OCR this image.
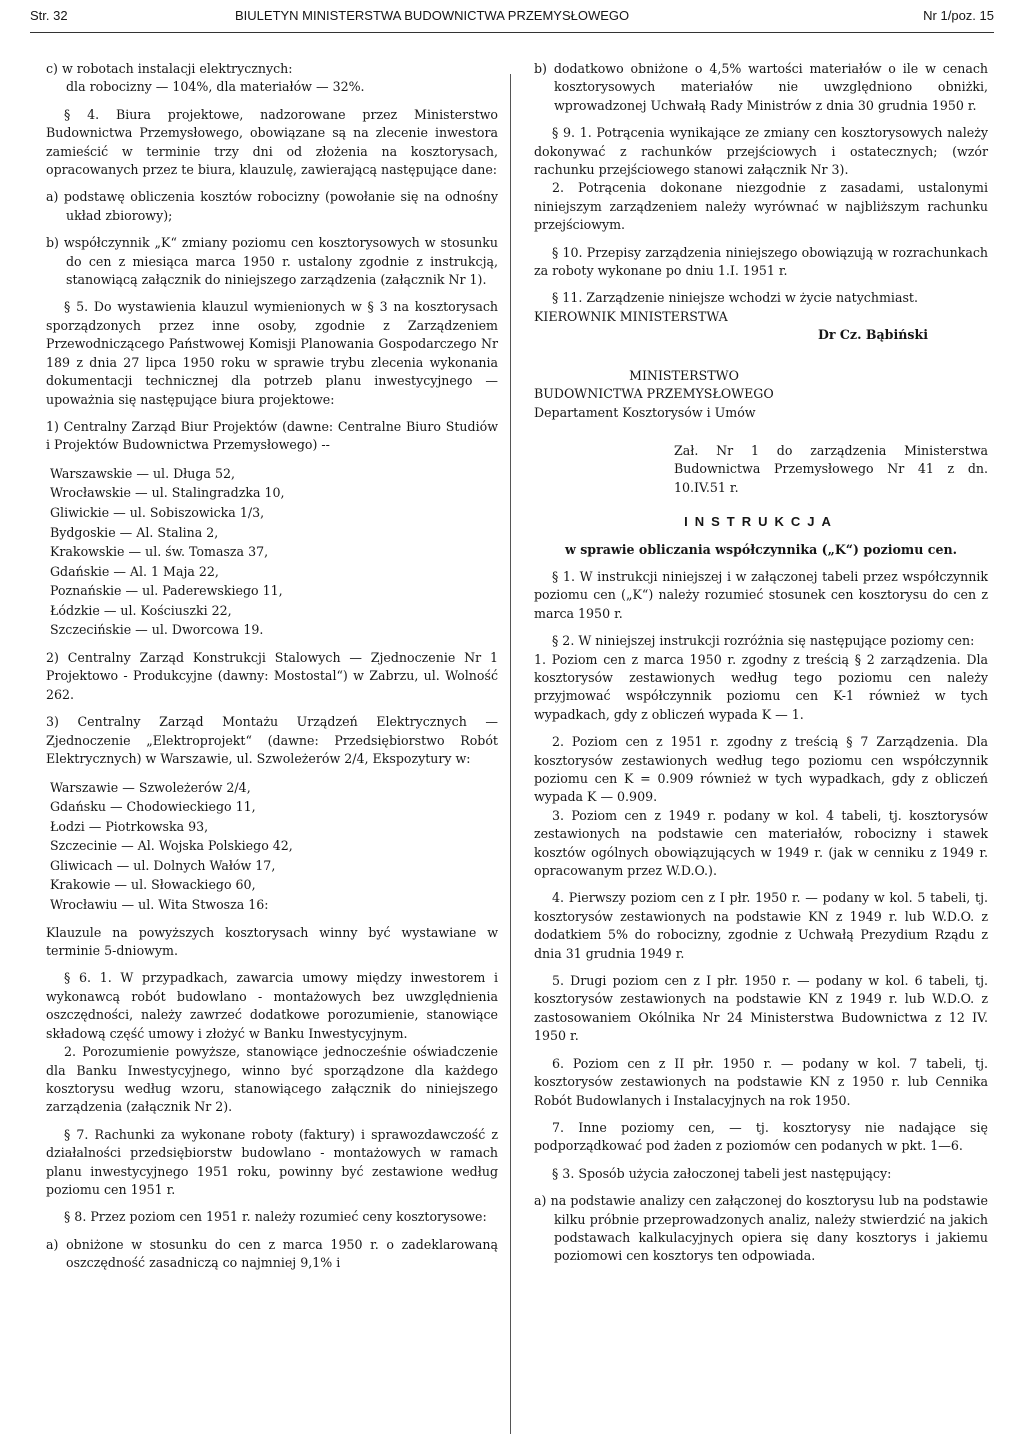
Str. 32	BIULETYN MINISTERSTWA BUDOWNICTWA PRZEMYSŁOWEGO	Nr 1/poz. 15

c) w robotach instalacji elektrycznych:

dla robocizny — 104%, dla materiałów — 32%.

§ 4. Biura projektowe, nadzorowane przez Ministerstwo Budownictwa Przemysłowego, obowiązane są na zlecenie inwestora zamieścić w terminie trzy dni od złożenia na kosztorysach, opracowanych przez te biura, klauzulę, zawierającą następujące dane:

a) podstawę obliczenia kosztów robocizny (powołanie się na odnośny układ zbiorowy);

b) współczynnik „K“ zmiany poziomu cen kosztorysowych w stosunku do cen z miesiąca marca 1950 r. ustalony zgodnie z instrukcją, stanowiącą załącznik do niniejszego zarządzenia (załącznik Nr 1).

§ 5. Do wystawienia klauzul wymienionych w § 3 na kosztorysach sporządzonych przez inne osoby, zgodnie z Zarządzeniem Przewodniczącego Państwowej Komisji Planowania Gospodarczego Nr 189 z dnia 27 lipca 1950 roku w sprawie trybu zlecenia wykonania dokumentacji technicznej dla potrzeb planu inwestycyjnego — upoważnia się następujące biura projektowe:

1) Centralny Zarząd Biur Projektów (dawne: Centralne Biuro Studiów i Projektów Budownictwa Przemysłowego) --

Warszawskie — ul. Długa 52,
Wrocławskie — ul. Stalingradzka 10,
Gliwickie — ul. Sobiszowicka 1/3,
Bydgoskie — Al. Stalina 2,
Krakowskie — ul. św. Tomasza 37,
Gdańskie — Al. 1 Maja 22,
Poznańskie — ul. Paderewskiego 11,
Łódzkie — ul. Kościuszki 22,
Szczecińskie — ul. Dworcowa 19.

2) Centralny Zarząd Konstrukcji Stalowych — Zjednoczenie Nr 1 Projektowo - Produkcyjne (dawny: Mostostal“) w Zabrzu, ul. Wolność 262.

3) Centralny Zarząd Montażu Urządzeń Elektrycznych — Zjednoczenie „Elektroprojekt“ (dawne: Przedsiębiorstwo Robót Elektrycznych) w Warszawie, ul. Szwoleżerów 2/4, Ekspozytury w:

Warszawie — Szwoleżerów 2/4,
Gdańsku — Chodowieckiego 11,
Łodzi — Piotrkowska 93,
Szczecinie — Al. Wojska Polskiego 42,
Gliwicach — ul. Dolnych Wałów 17,
Krakowie — ul. Słowackiego 60,
Wrocławiu — ul. Wita Stwosza 16:

Klauzule na powyższych kosztorysach winny być wystawiane w terminie 5-dniowym.

§ 6. 1. W przypadkach, zawarcia umowy między inwestorem i wykonawcą robót budowlano - montażowych bez uwzględnienia oszczędności, należy zawrzeć dodatkowe porozumienie, stanowiące składową część umowy i złożyć w Banku Inwestycyjnym.

2. Porozumienie powyższe, stanowiące jednocześnie oświadczenie dla Banku Inwestycyjnego, winno być sporządzone dla każdego kosztorysu według wzoru, stanowiącego załącznik do niniejszego zarządzenia (załącznik Nr 2).

§ 7. Rachunki za wykonane roboty (faktury) i sprawozdawczość z działalności przedsiębiorstw budowlano - montażowych w ramach planu inwestycyjnego 1951 roku, powinny być zestawione według poziomu cen 1951 r.

§ 8. Przez poziom cen 1951 r. należy rozumieć ceny kosztorysowe:

a) obniżone w stosunku do cen z marca 1950 r. o zadeklarowaną oszczędność zasadniczą co najmniej 9,1% i

b) dodatkowo obniżone o 4,5% wartości materiałów o ile w cenach kosztorysowych materiałów nie uwzględniono obniżki, wprowadzonej Uchwałą Rady Ministrów z dnia 30 grudnia 1950 r.

§ 9. 1. Potrącenia wynikające ze zmiany cen kosztorysowych należy dokonywać z rachunków przejściowych i ostatecznych; (wzór rachunku przejściowego stanowi załącznik Nr 3).

2. Potrącenia dokonane niezgodnie z zasadami, ustalonymi niniejszym zarządzeniem należy wyrównać w najbliższym rachunku przejściowym.

§ 10. Przepisy zarządzenia niniejszego obowiązują w rozrachunkach za roboty wykonane po dniu 1.I. 1951 r.

§ 11. Zarządzenie niniejsze wchodzi w życie natychmiast.

KIEROWNIK MINISTERSTWA

Dr Cz. Bąbiński

MINISTERSTWO

BUDOWNICTWA PRZEMYSŁOWEGO

Departament Kosztorysów i Umów

Zał. Nr 1 do zarządzenia Ministerstwa Budownictwa Przemysłowego Nr 41 z dn. 10.IV.51 r.

INSTRUKCJA

w sprawie obliczania współczynnika („K“) poziomu cen.

§ 1. W instrukcji niniejszej i w załączonej tabeli przez współczynnik poziomu cen („K“) należy rozumieć stosunek cen kosztorysu do cen z marca 1950 r.

§ 2. W niniejszej instrukcji rozróżnia się następujące poziomy cen:

1. Poziom cen z marca 1950 r. zgodny z treścią § 2 zarządzenia. Dla kosztorysów zestawionych według tego poziomu cen należy przyjmować współczynnik poziomu cen K-1 również w tych wypadkach, gdy z obliczeń wypada K — 1.

2. Poziom cen z 1951 r. zgodny z treścią § 7 Zarządzenia. Dla kosztorysów zestawionych według tego poziomu cen współczynnik poziomu cen K = 0.909 również w tych wypadkach, gdy z obliczeń wypada K — 0.909.

3. Poziom cen z 1949 r. podany w kol. 4 tabeli, tj. kosztorysów zestawionych na podstawie cen materiałów, robocizny i stawek kosztów ogólnych obowiązujących w 1949 r. (jak w cenniku z 1949 r. opracowanym przez W.D.O.).

4. Pierwszy poziom cen z I płr. 1950 r. — podany w kol. 5 tabeli, tj. kosztorysów zestawionych na podstawie KN z 1949 r. lub W.D.O. z dodatkiem 5% do robocizny, zgodnie z Uchwałą Prezydium Rządu z dnia 31 grudnia 1949 r.

5. Drugi poziom cen z I płr. 1950 r. — podany w kol. 6 tabeli, tj. kosztorysów zestawionych na podstawie KN z 1949 r. lub W.D.O. z zastosowaniem Okólnika Nr 24 Ministerstwa Budownictwa z 12 IV. 1950 r.

6. Poziom cen z II płr. 1950 r. — podany w kol. 7 tabeli, tj. kosztorysów zestawionych na podstawie KN z 1950 r. lub Cennika Robót Budowlanych i Instalacyjnych na rok 1950.

7. Inne poziomy cen, — tj. kosztorysy nie nadające się podporządkować pod żaden z poziomów cen podanych w pkt. 1—6.

§ 3. Sposób użycia załoczonej tabeli jest następujący:

a) na podstawie analizy cen załączonej do kosztorysu lub na podstawie kilku próbnie przeprowadzonych analiz, należy stwierdzić na jakich podstawach kalkulacyjnych opiera się dany kosztorys i jakiemu poziomowi cen kosztorys ten odpowiada.
